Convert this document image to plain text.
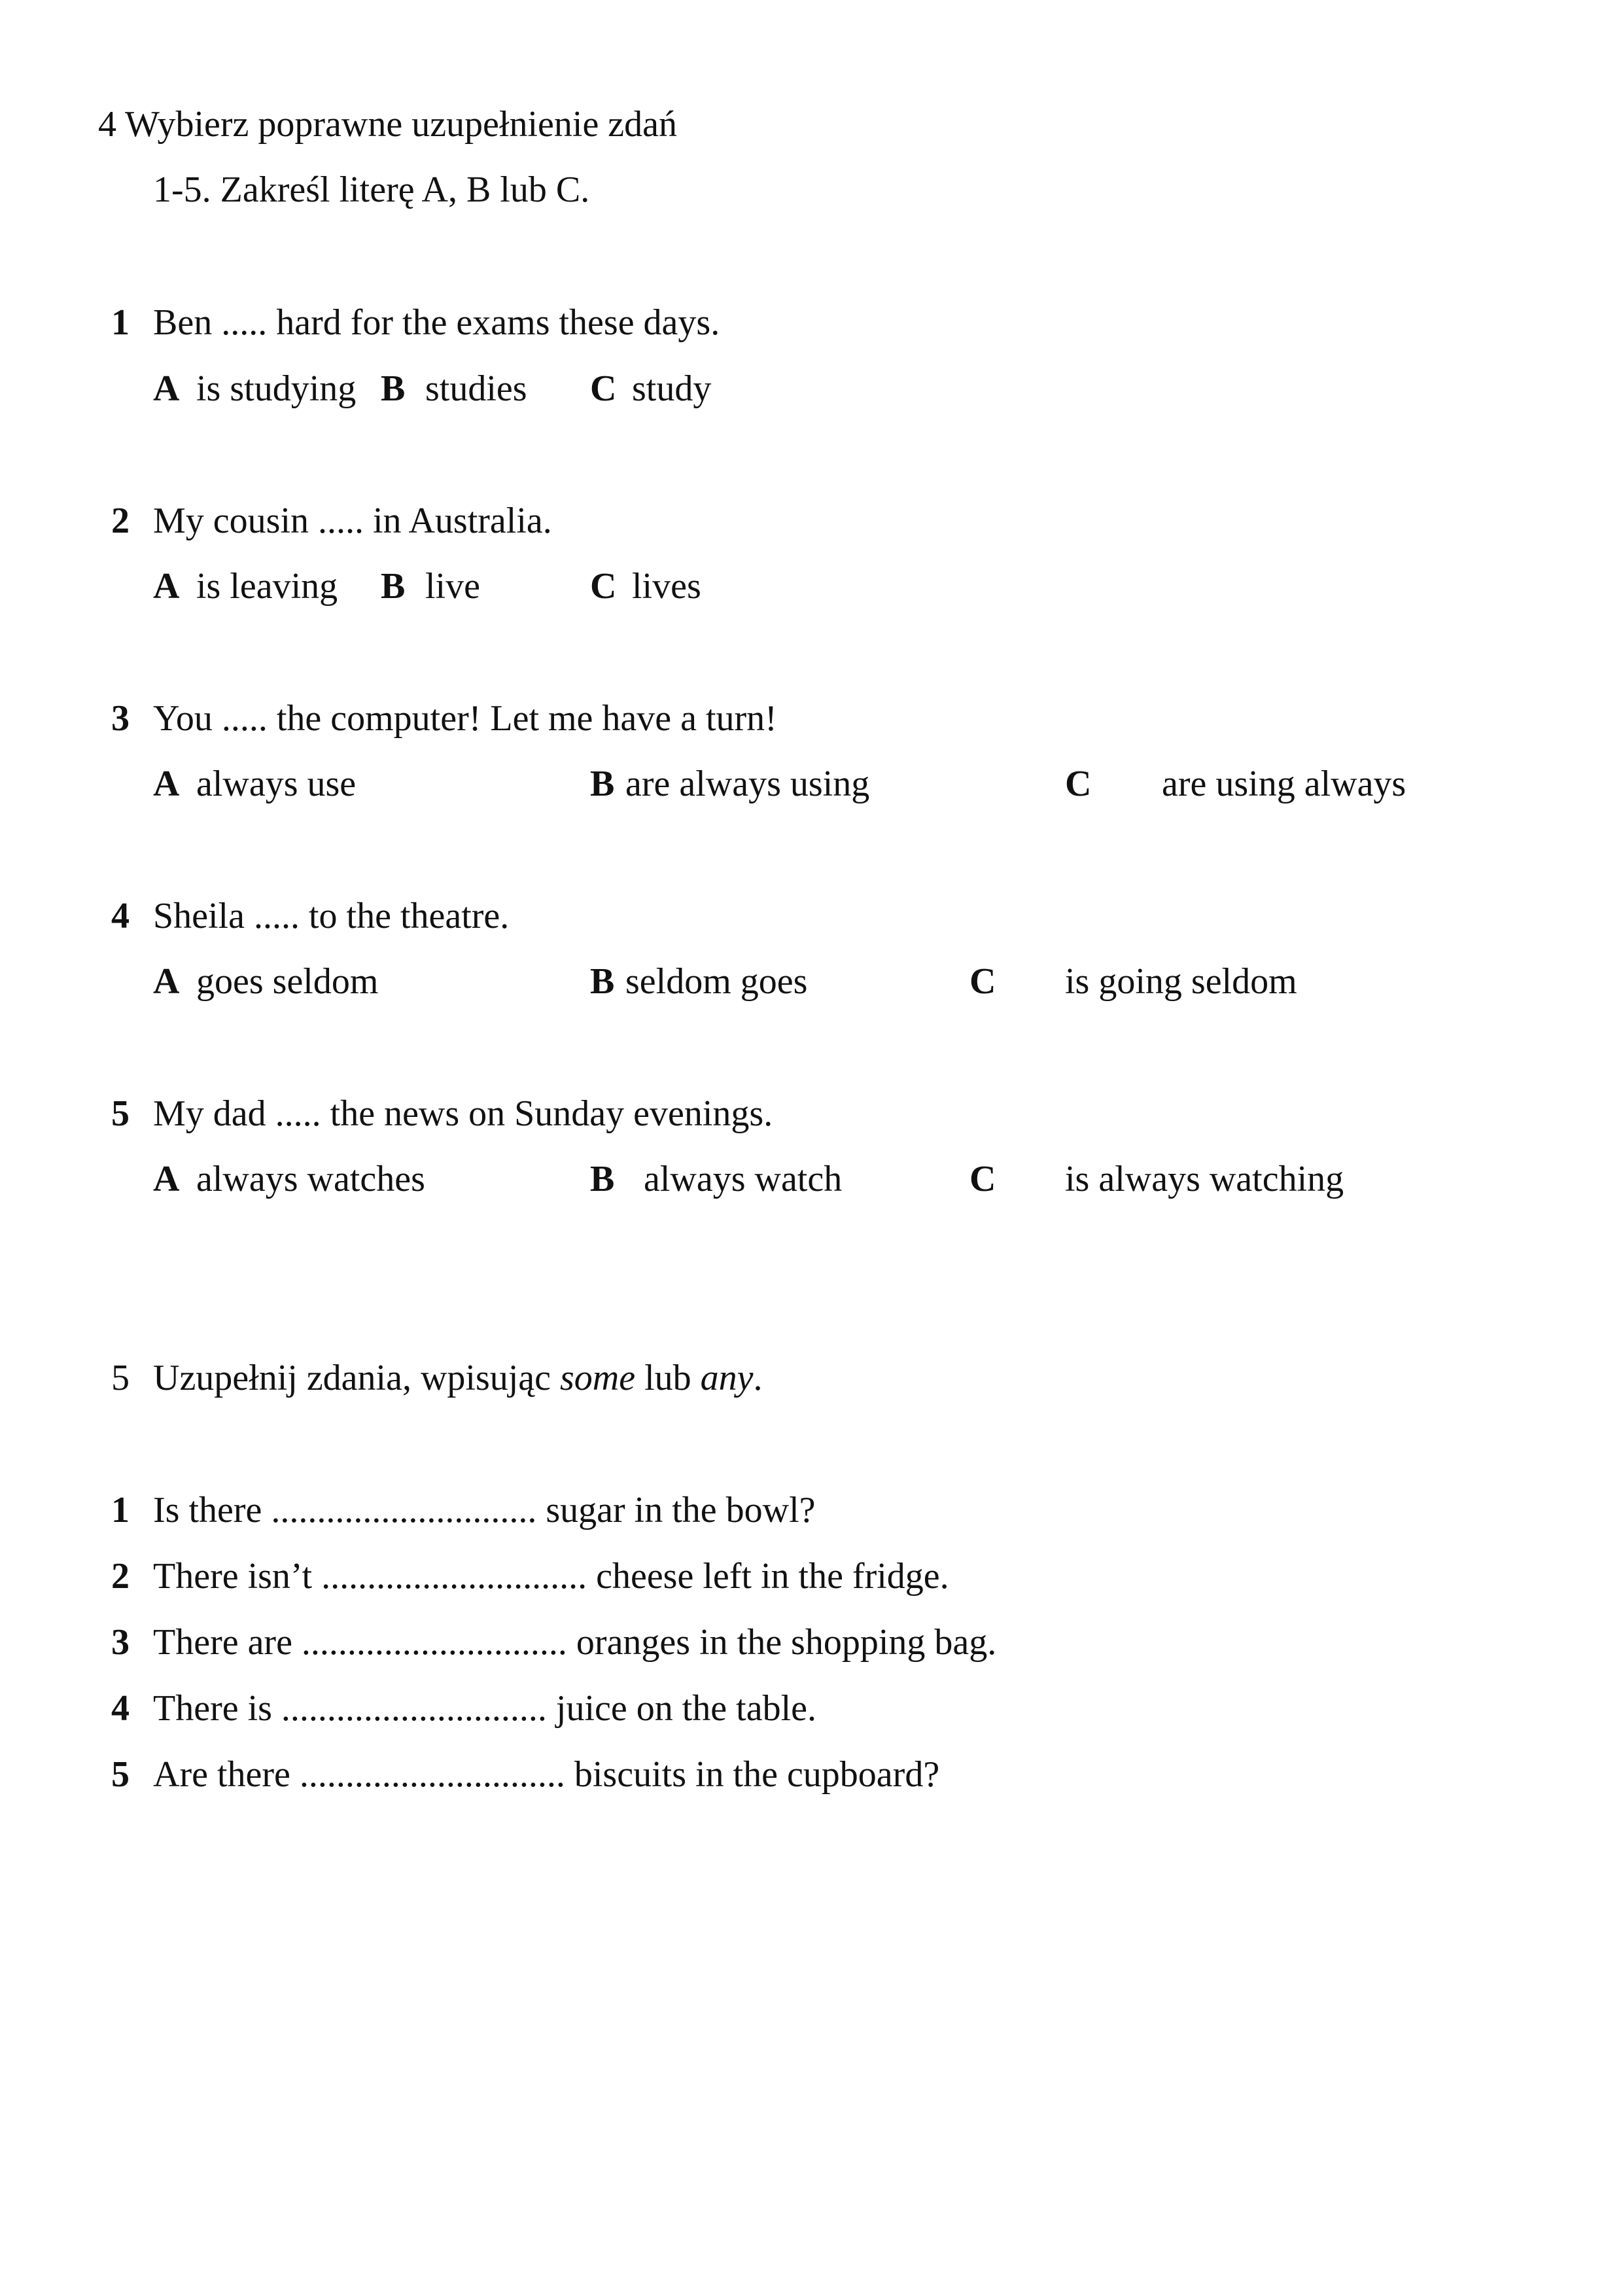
4 Wybierz poprawne uzupełnienie zdań
1-5. Zakreśl literę A, B lub C.
1 Ben ..... hard for the exams these days.
A is studying B studies C study
2 My cousin ..... in Australia.
A is leaving B live	C lives
3 You ..... the computer! Let me have a turn!
A always use	B are always using	C are using always
4 Sheila ..... to the theatre.
A goes seldom	B seldom goes	C is going seldom
5 My dad ..... the news on Sunday evenings.
A always watches	B always watch	C is always watching
5 Uzupełnij zdania, wpisując some lub any.
1 Is there ............................. sugar in the bowl?
2 There isn’t ............................. cheese left in the fridge.
3 There are ............................. oranges in the shopping bag.
4 There is ............................. juice on the table.
5 Are there ............................. biscuits in the cupboard?
